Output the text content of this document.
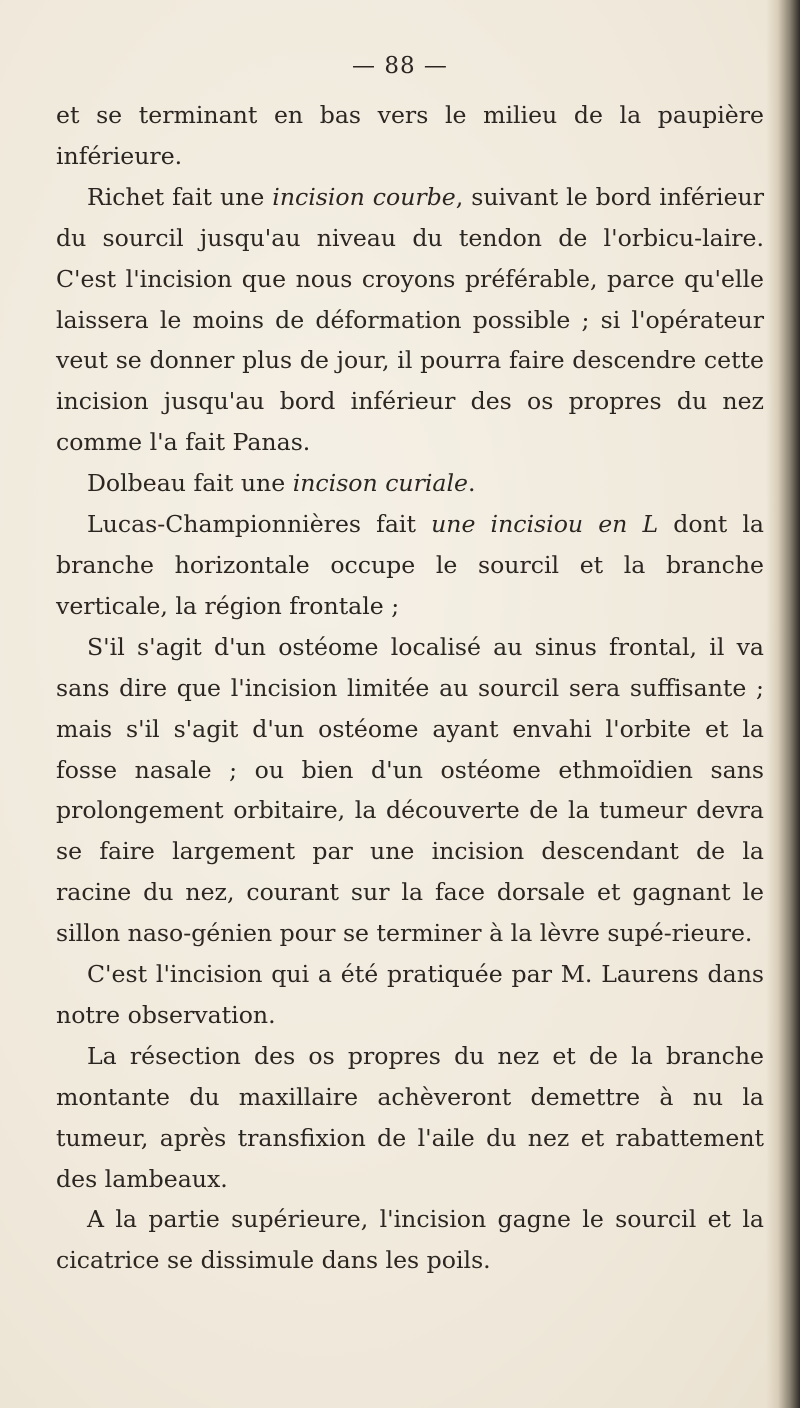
— 88 —

et se terminant en bas vers le milieu de la paupière inférieure.

Richet fait une incision courbe, suivant le bord inférieur du sourcil jusqu'au niveau du tendon de l'orbicu-laire. C'est l'incision que nous croyons préférable, parce qu'elle laissera le moins de déformation possible ; si l'opérateur veut se donner plus de jour, il pourra faire descendre cette incision jusqu'au bord inférieur des os propres du nez comme l'a fait Panas.

Dolbeau fait une incison curiale.

Lucas-Championnières fait une incisiou en L dont la branche horizontale occupe le sourcil et la branche verticale, la région frontale ;

S'il s'agit d'un ostéome localisé au sinus frontal, il va sans dire que l'incision limitée au sourcil sera suffisante ; mais s'il s'agit d'un ostéome ayant envahi l'orbite et la fosse nasale ; ou bien d'un ostéome ethmoïdien sans prolongement orbitaire, la découverte de la tumeur devra se faire largement par une incision descendant de la racine du nez, courant sur la face dorsale et gagnant le sillon naso-génien pour se terminer à la lèvre supé-rieure.

C'est l'incision qui a été pratiquée par M. Laurens dans notre observation.

La résection des os propres du nez et de la branche montante du maxillaire achèveront demettre à nu la tumeur, après transfixion de l'aile du nez et rabattement des lambeaux.

A la partie supérieure, l'incision gagne le sourcil et la cicatrice se dissimule dans les poils.
